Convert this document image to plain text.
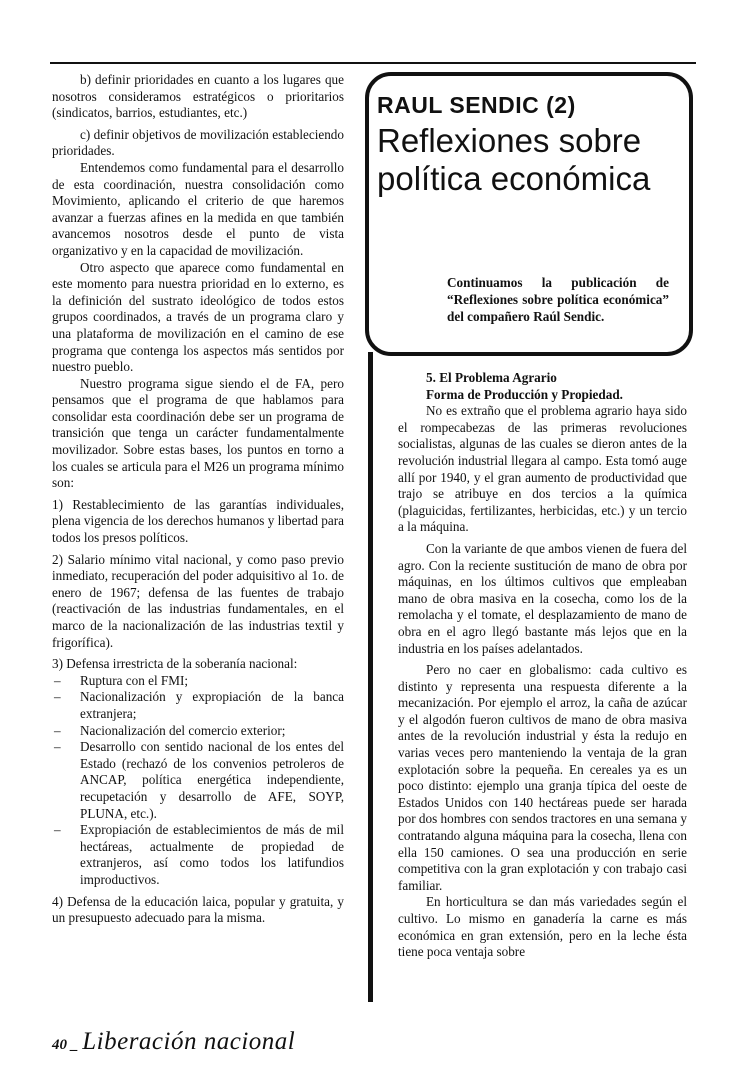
b) definir prioridades en cuanto a los lugares que nosotros consideramos estratégicos o prioritarios (sindicatos, barrios, estudiantes, etc.)

c) definir objetivos de movilización estableciendo prioridades.

Entendemos como fundamental para el desarrollo de esta coordinación, nuestra consolidación como Movimiento, aplicando el criterio de que haremos avanzar a fuerzas afines en la medida en que también avancemos nosotros desde el punto de vista organizativo y en la capacidad de movilización.

Otro aspecto que aparece como fundamental en este momento para nuestra prioridad en lo externo, es la definición del sustrato ideológico de todos estos grupos coordinados, a través de un programa claro y una plataforma de movilización en el camino de ese programa que contenga los aspectos más sentidos por nuestro pueblo.

Nuestro programa sigue siendo el de FA, pero pensamos que el programa de que hablamos para consolidar esta coordinación debe ser un programa de transición que tenga un carácter fundamentalmente movilizador. Sobre estas bases, los puntos en torno a los cuales se articula para el M26 un programa mínimo son:

1) Restablecimiento de las garantías individuales, plena vigencia de los derechos humanos y libertad para todos los presos políticos.

2) Salario mínimo vital nacional, y como paso previo inmediato, recuperación del poder adquisitivo al 1o. de enero de 1967; defensa de las fuentes de trabajo (reactivación de las industrias fundamentales, en el marco de la nacionalización de las industrias textil y frigorífica).

3) Defensa irrestricta de la soberanía nacional:

– Ruptura con el FMI;
– Nacionalización y expropiación de la banca extranjera;
– Nacionalización del comercio exterior;
– Desarrollo con sentido nacional de los entes del Estado (rechazó de los convenios petroleros de ANCAP, política energética independiente, recupetación y desarrollo de AFE, SOYP, PLUNA, etc.).
– Expropiación de establecimientos de más de mil hectáreas, actualmente de propiedad de extranjeros, así como todos los latifundios improductivos.

4) Defensa de la educación laica, popular y gratuita, y un presupuesto adecuado para la misma.

RAUL SENDIC (2)
Reflexiones sobre política económica
Continuamos la publicación de “Reflexiones sobre política económica” del compañero Raúl Sendic.

5. El Problema Agrario

Forma de Producción y Propiedad.

No es extraño que el problema agrario haya sido el rompecabezas de las primeras revoluciones socialistas, algunas de las cuales se dieron antes de la revolución industrial llegara al campo. Esta tomó auge allí por 1940, y el gran aumento de productividad que trajo se atribuye en dos tercios a la química (plaguicidas, fertilizantes, herbicidas, etc.) y un tercio a la máquina.

Con la variante de que ambos vienen de fuera del agro. Con la reciente sustitución de mano de obra por máquinas, en los últimos cultivos que empleaban mano de obra masiva en la cosecha, como los de la remolacha y el tomate, el desplazamiento de mano de obra en el agro llegó bastante más lejos que en la industria en los países adelantados.

Pero no caer en globalismo: cada cultivo es distinto y representa una respuesta diferente a la mecanización. Por ejemplo el arroz, la caña de azúcar y el algodón fueron cultivos de mano de obra masiva antes de la revolución industrial y ésta la redujo en varias veces pero manteniendo la ventaja de la gran explotación sobre la pequeña. En cereales ya es un poco distinto: ejemplo una granja típica del oeste de Estados Unidos con 140 hectáreas puede ser harada por dos hombres con sendos tractores en una semana y contratando alguna máquina para la cosecha, llena con ella 150 camiones. O sea una producción en serie competitiva con la gran explotación y con trabajo casi familiar.

En horticultura se dan más variedades según el cultivo. Lo mismo en ganadería la carne es más económica en gran extensión, pero en la leche ésta tiene poca ventaja sobre

40 _ Liberación nacional
